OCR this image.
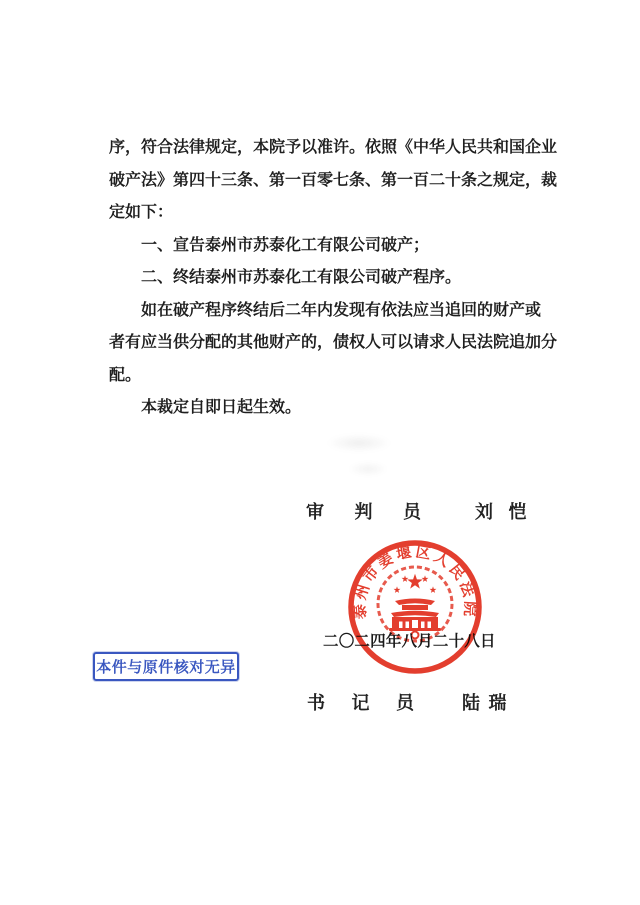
序，符合法律规定，本院予以准许。依照《中华人民共和国企业
破产法》第四十三条、第一百零七条、第一百二十条之规定，裁
定如下：
一、宣告泰州市苏泰化工有限公司破产；
二、终结泰州市苏泰化工有限公司破产程序。
如在破产程序终结后二年内发现有依法应当追回的财产或
者有应当供分配的其他财产的，债权人可以请求人民法院追加分
配。
本裁定自即日起生效。
审 判 员	刘 恺
二〇二四年八月二十八日
泰州市姜堰区人民法院
本件与原件核对无异
书 记 员	陆 瑞
